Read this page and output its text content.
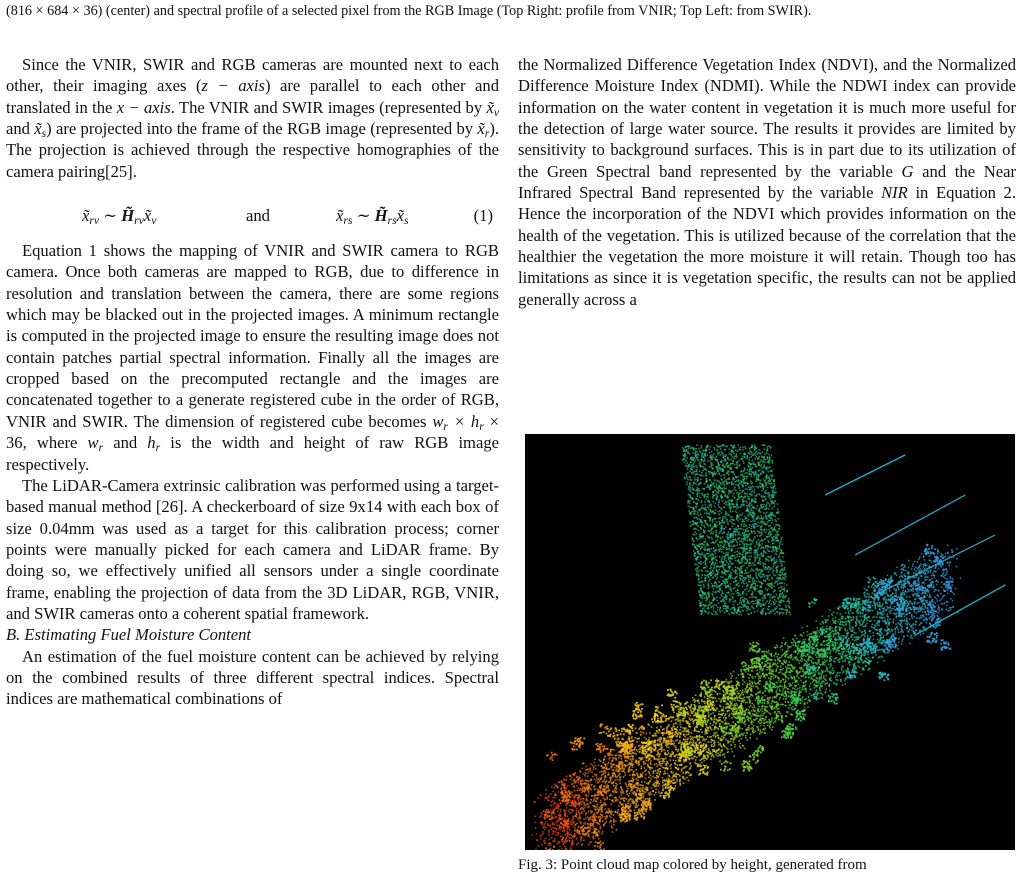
(816 × 684 × 36) (center) and spectral profile of a selected pixel from the RGB Image (Top Right: profile from VNIR; Top Left: from SWIR).

Since the VNIR, SWIR and RGB cameras are mounted next to each other, their imaging axes (z − axis) are parallel to each other and translated in the x − axis. The VNIR and SWIR images (represented by $x̃_v$ and $x̃_s$) are projected into the frame of the RGB image (represented by $x̃_r$). The projection is achieved through the respective homographies of the camera pairing[25].

$x̃_{rv}$ ∼ $H̃_{rv}x̃_v$	and	$x̃_{rs}$ ∼ $H̃_{rs}x̃_s$	(1)

Equation 1 shows the mapping of VNIR and SWIR camera to RGB camera. Once both cameras are mapped to RGB, due to difference in resolution and translation between the camera, there are some regions which may be blacked out in the projected images. A minimum rectangle is computed in the projected image to ensure the resulting image does not contain patches partial spectral information. Finally all the images are cropped based on the precomputed rectangle and the images are concatenated together to a generate registered cube in the order of RGB, VNIR and SWIR. The dimension of registered cube becomes $w_r \times h_r \times 36$, where $w_r$ and $h_r$ is the width and height of raw RGB image respectively.

The LiDAR-Camera extrinsic calibration was performed using a target-based manual method [26]. A checkerboard of size 9x14 with each box of size 0.04mm was used as a target for this calibration process; corner points were manually picked for each camera and LiDAR frame. By doing so, we effectively unified all sensors under a single coordinate frame, enabling the projection of data from the 3D LiDAR, RGB, VNIR, and SWIR cameras onto a coherent spatial framework.

B. Estimating Fuel Moisture Content

An estimation of the fuel moisture content can be achieved by relying on the combined results of three different spectral indices. Spectral indices are mathematical combinations of

the Normalized Difference Vegetation Index (NDVI), and the Normalized Difference Moisture Index (NDMI). While the NDWI index can provide information on the water content in vegetation it is much more useful for the detection of large water source. The results it provides are limited by sensitivity to background surfaces. This is in part due to its utilization of the Green Spectral band represented by the variable G and the Near Infrared Spectral Band represented by the variable NIR in Equation 2. Hence the incorporation of the NDVI which provides information on the health of the vegetation. This is utilized because of the correlation that the healthier the vegetation the more moisture it will retain. Though too has limitations as since it is vegetation specific, the results can not be applied generally across a

Fig. 3: Point cloud map colored by height, generated from
